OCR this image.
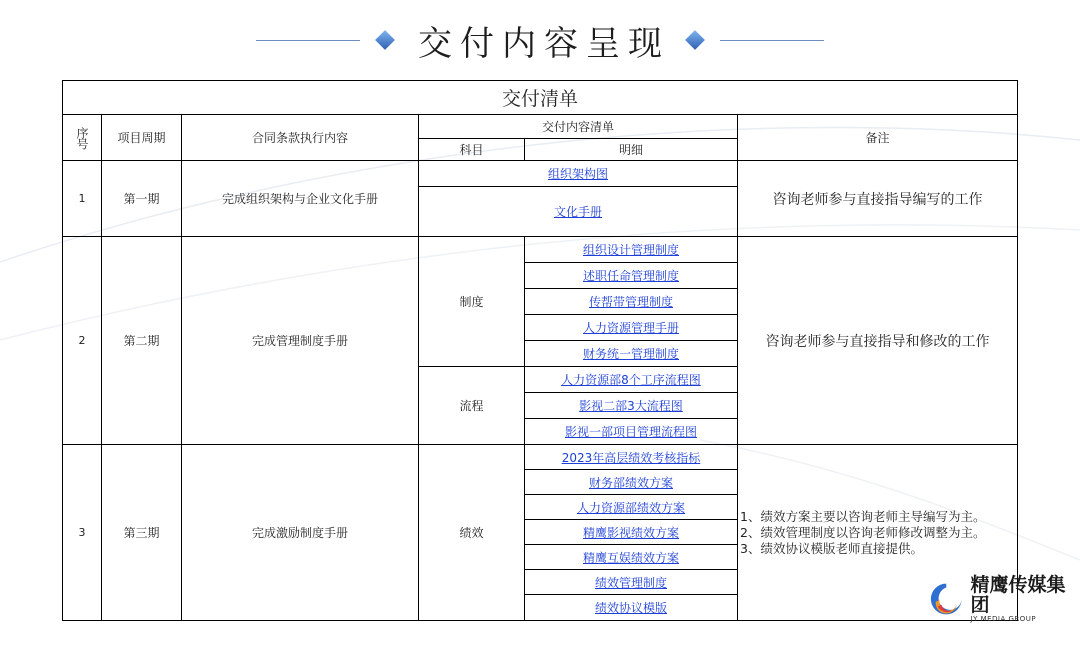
交付内容呈现
交付清单					
序号	项目周期	合同条款执行内容	交付内容清单		备注
			科目	明细	
1	第一期	完成组织架构与企业文化手册	组织架构图		咨询老师参与直接指导编写的工作
			文化手册		
2	第二期	完成管理制度手册	制度	组织设计管理制度	咨询老师参与直接指导和修改的工作
				述职任命管理制度	
				传帮带管理制度	
				人力资源管理手册	
				财务统一管理制度	
			流程	人力资源部8个工序流程图	
				影视二部3大流程图	
				影视一部项目管理流程图	
3	第三期	完成激励制度手册	绩效	2023年高层绩效考核指标	1、绩效方案主要以咨询老师主导编写为主。
2、绩效管理制度以咨询老师修改调整为主。
3、绩效协议模版老师直接提供。

				财务部绩效方案	
				人力资源部绩效方案	
				精鹰影视绩效方案	
				精鹰互娱绩效方案	
				绩效管理制度	
				绩效协议模版	
精鹰传媒集团
JY MEDIA GROUP
